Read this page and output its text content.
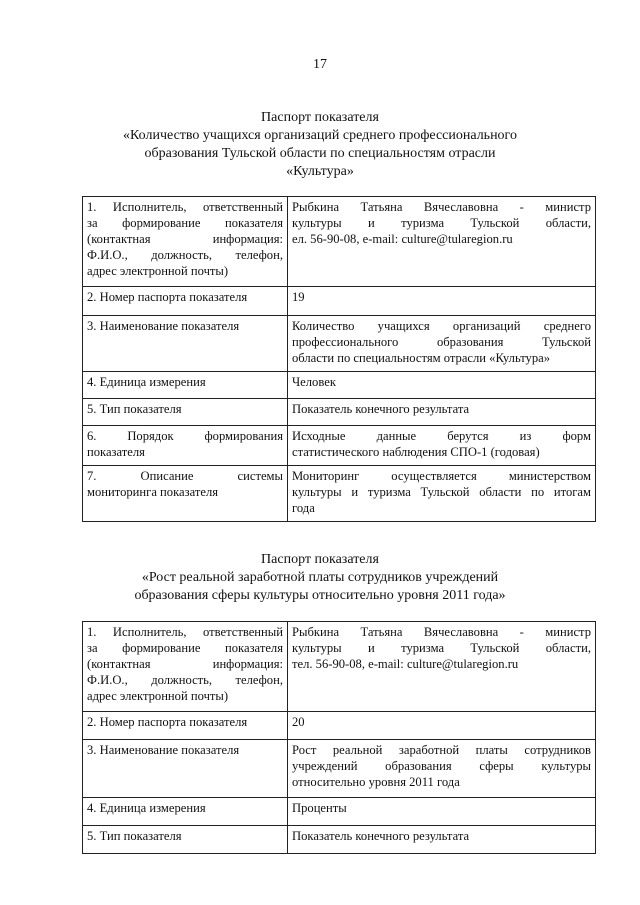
17
Паспорт показателя
«Количество учащихся организаций среднего профессионального
образования Тульской области по специальностям отрасли
«Культура»
1. Исполнитель, ответственный
за формирование показателя
(контактная информация:
Ф.И.О., должность, телефон,
адрес электронной почты)	Рыбкина Татьяна Вячеславовна - министр
культуры и туризма Тульской области,
ел. 56-90-08, e-mail: culture@tularegion.ru

2. Номер паспорта показателя	19

3. Наименование показателя	Количество учащихся организаций среднего
профессионального образования Тульской
области по специальностям отрасли «Культура»

4. Единица измерения	Человек

5. Тип показателя	Показатель конечного результата

6. Порядок формирования
показателя	Исходные данные берутся из форм
статистического наблюдения СПО-1 (годовая)

7. Описание системы
мониторинга показателя	Мониторинг осуществляется министерством
культуры и туризма Тульской области по итогам
года
Паспорт показателя
«Рост реальной заработной платы сотрудников учреждений
образования сферы культуры относительно уровня 2011 года»
1. Исполнитель, ответственный
за формирование показателя
(контактная информация:
Ф.И.О., должность, телефон,
адрес электронной почты)	Рыбкина Татьяна Вячеславовна - министр
культуры и туризма Тульской области,
тел. 56-90-08, e-mail: culture@tularegion.ru

2. Номер паспорта показателя	20

3. Наименование показателя	Рост реальной заработной платы сотрудников
учреждений образования сферы культуры
относительно уровня 2011 года

4. Единица измерения	Проценты

5. Тип показателя	Показатель конечного результата
